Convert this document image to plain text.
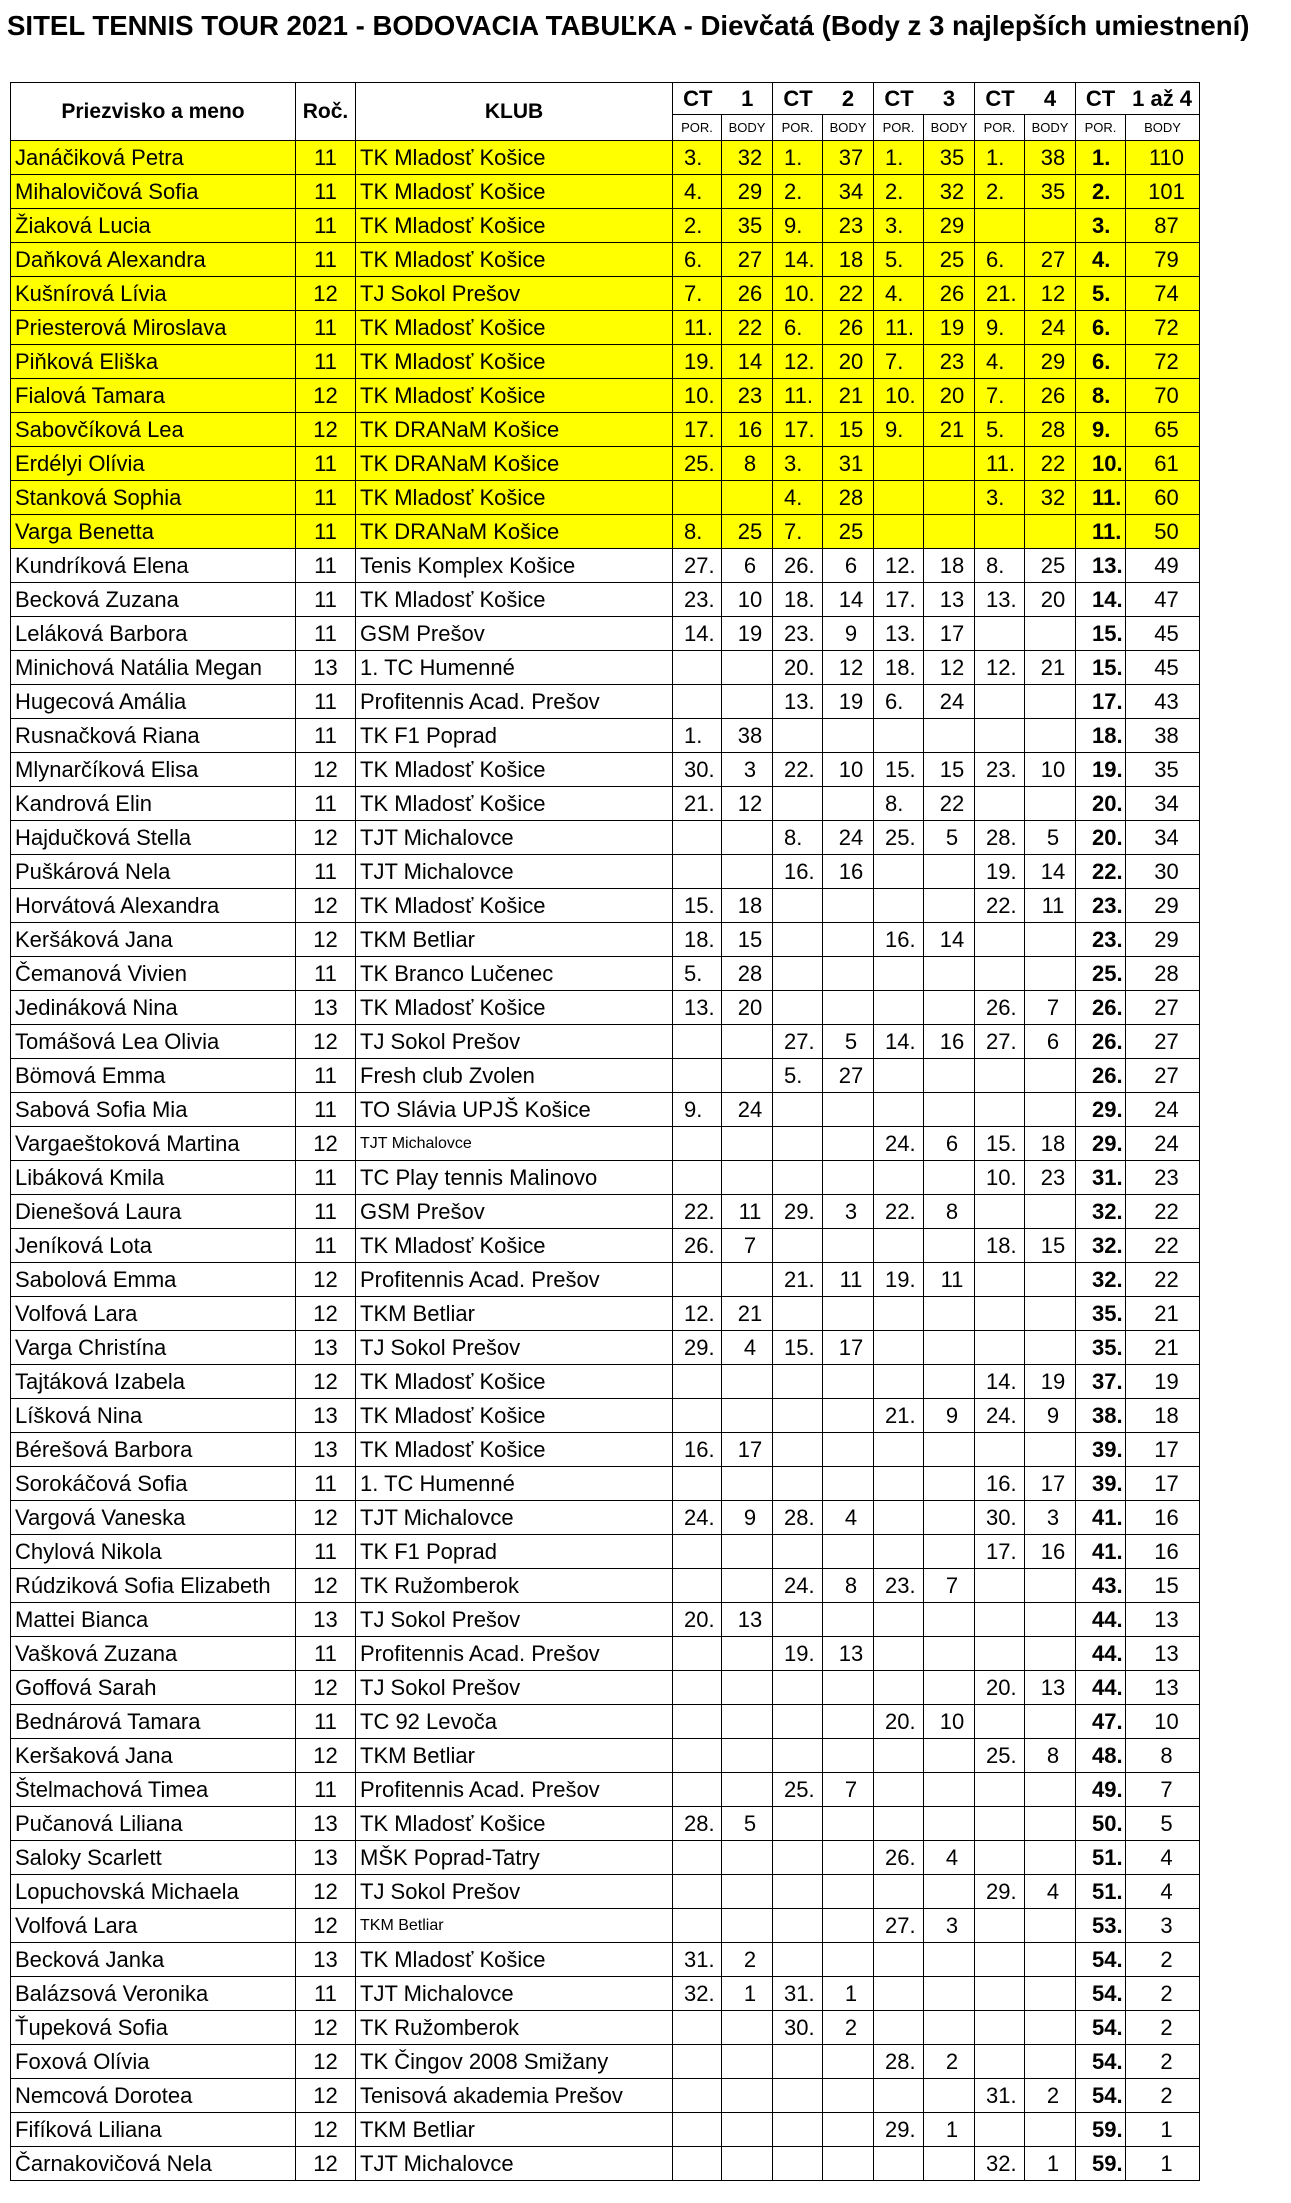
SITEL TENNIS TOUR 2021 - BODOVACIA TABUĽKA - Dievčatá (Body z 3 najlepších umiestnení)
Priezvisko a meno	Roč.	KLUB	CT 1		CT 2		CT 3		CT 4		CT 1 až 4	
			POR.	BODY	POR.	BODY	POR.	BODY	POR.	BODY	POR.	BODY
Janáčiková Petra	11	TK Mladosť Košice	3.	32	1.	37	1.	35	1.	38	1.	110
Mihalovičová Sofia	11	TK Mladosť Košice	4.	29	2.	34	2.	32	2.	35	2.	101
Žiaková Lucia	11	TK Mladosť Košice	2.	35	9.	23	3.	29			3.	87
Daňková Alexandra	11	TK Mladosť Košice	6.	27	14.	18	5.	25	6.	27	4.	79
Kušnírová Lívia	12	TJ Sokol Prešov	7.	26	10.	22	4.	26	21.	12	5.	74
Priesterová Miroslava	11	TK Mladosť Košice	11.	22	6.	26	11.	19	9.	24	6.	72
Piňková Eliška	11	TK Mladosť Košice	19.	14	12.	20	7.	23	4.	29	6.	72
Fialová Tamara	12	TK Mladosť Košice	10.	23	11.	21	10.	20	7.	26	8.	70
Sabovčíková Lea	12	TK DRANaM Košice	17.	16	17.	15	9.	21	5.	28	9.	65
Erdélyi Olívia	11	TK DRANaM Košice	25.	8	3.	31			11.	22	10.	61
Stanková Sophia	11	TK Mladosť Košice			4.	28			3.	32	11.	60
Varga Benetta	11	TK DRANaM Košice	8.	25	7.	25					11.	50
Kundríková Elena	11	Tenis Komplex Košice	27.	6	26.	6	12.	18	8.	25	13.	49
Becková Zuzana	11	TK Mladosť Košice	23.	10	18.	14	17.	13	13.	20	14.	47
Leláková Barbora	11	GSM Prešov	14.	19	23.	9	13.	17			15.	45
Minichová Natália Megan	13	1. TC Humenné			20.	12	18.	12	12.	21	15.	45
Hugecová Amália	11	Profitennis Acad. Prešov			13.	19	6.	24			17.	43
Rusnačková Riana	11	TK F1 Poprad	1.	38							18.	38
Mlynarčíková Elisa	12	TK Mladosť Košice	30.	3	22.	10	15.	15	23.	10	19.	35
Kandrová Elin	11	TK Mladosť Košice	21.	12			8.	22			20.	34
Hajdučková Stella	12	TJT Michalovce			8.	24	25.	5	28.	5	20.	34
Puškárová Nela	11	TJT Michalovce			16.	16			19.	14	22.	30
Horvátová Alexandra	12	TK Mladosť Košice	15.	18					22.	11	23.	29
Keršáková Jana	12	TKM Betliar	18.	15			16.	14			23.	29
Čemanová Vivien	11	TK Branco Lučenec	5.	28							25.	28
Jedináková Nina	13	TK Mladosť Košice	13.	20					26.	7	26.	27
Tomášová Lea Olivia	12	TJ Sokol Prešov			27.	5	14.	16	27.	6	26.	27
Bömová Emma	11	Fresh club Zvolen			5.	27					26.	27
Sabová Sofia Mia	11	TO Slávia UPJŠ Košice	9.	24							29.	24
Vargaeštoková Martina	12	TJT Michalovce					24.	6	15.	18	29.	24
Libáková Kmila	11	TC Play tennis Malinovo							10.	23	31.	23
Dienešová Laura	11	GSM Prešov	22.	11	29.	3	22.	8			32.	22
Jeníková Lota	11	TK Mladosť Košice	26.	7					18.	15	32.	22
Sabolová Emma	12	Profitennis Acad. Prešov			21.	11	19.	11			32.	22
Volfová Lara	12	TKM Betliar	12.	21							35.	21
Varga Christína	13	TJ Sokol Prešov	29.	4	15.	17					35.	21
Tajtáková Izabela	12	TK Mladosť Košice							14.	19	37.	19
Líšková Nina	13	TK Mladosť Košice					21.	9	24.	9	38.	18
Bérešová Barbora	13	TK Mladosť Košice	16.	17							39.	17
Sorokáčová Sofia	11	1. TC Humenné							16.	17	39.	17
Vargová Vaneska	12	TJT Michalovce	24.	9	28.	4			30.	3	41.	16
Chylová Nikola	11	TK F1 Poprad							17.	16	41.	16
Rúdziková Sofia Elizabeth	12	TK Ružomberok			24.	8	23.	7			43.	15
Mattei Bianca	13	TJ Sokol Prešov	20.	13							44.	13
Vašková Zuzana	11	Profitennis Acad. Prešov			19.	13					44.	13
Goffová Sarah	12	TJ Sokol Prešov							20.	13	44.	13
Bednárová Tamara	11	TC 92 Levoča					20.	10			47.	10
Keršaková Jana	12	TKM Betliar							25.	8	48.	8
Štelmachová Timea	11	Profitennis Acad. Prešov			25.	7					49.	7
Pučanová Liliana	13	TK Mladosť Košice	28.	5							50.	5
Saloky Scarlett	13	MŠK Poprad-Tatry					26.	4			51.	4
Lopuchovská Michaela	12	TJ Sokol Prešov							29.	4	51.	4
Volfová Lara	12	TKM Betliar					27.	3			53.	3
Becková Janka	13	TK Mladosť Košice	31.	2							54.	2
Balázsová Veronika	11	TJT Michalovce	32.	1	31.	1					54.	2
Ťupeková Sofia	12	TK Ružomberok			30.	2					54.	2
Foxová Olívia	12	TK Čingov 2008 Smižany					28.	2			54.	2
Nemcová Dorotea	12	Tenisová akademia Prešov							31.	2	54.	2
Fifíková Liliana	12	TKM Betliar					29.	1			59.	1
Čarnakovičová Nela	12	TJT Michalovce							32.	1	59.	1
